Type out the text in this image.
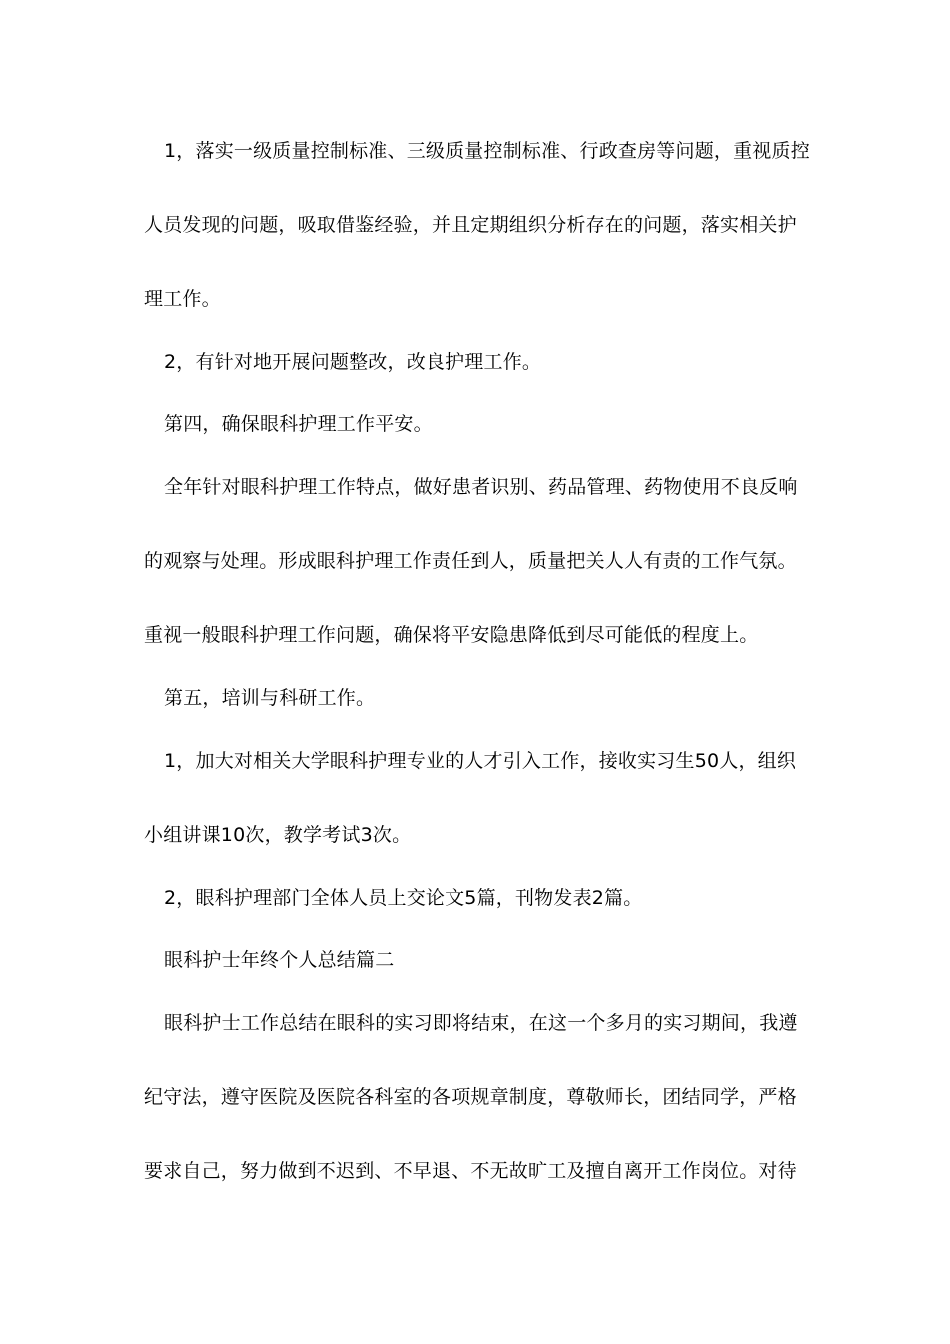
1，落实一级质量控制标准、三级质量控制标准、行政查房等问题，重视质控
人员发现的问题，吸取借鉴经验，并且定期组织分析存在的问题，落实相关护
理工作。
2，有针对地开展问题整改，改良护理工作。
第四，确保眼科护理工作平安。
全年针对眼科护理工作特点，做好患者识别、药品管理、药物使用不良反响
的观察与处理。形成眼科护理工作责任到人，质量把关人人有责的工作气氛。
重视一般眼科护理工作问题，确保将平安隐患降低到尽可能低的程度上。
第五，培训与科研工作。
1，加大对相关大学眼科护理专业的人才引入工作，接收实习生50人，组织
小组讲课10次，教学考试3次。
2，眼科护理部门全体人员上交论文5篇，刊物发表2篇。
眼科护士年终个人总结篇二
眼科护士工作总结在眼科的实习即将结束，在这一个多月的实习期间，我遵
纪守法，遵守医院及医院各科室的各项规章制度，尊敬师长，团结同学，严格
要求自己，努力做到不迟到、不早退、不无故旷工及擅自离开工作岗位。对待
